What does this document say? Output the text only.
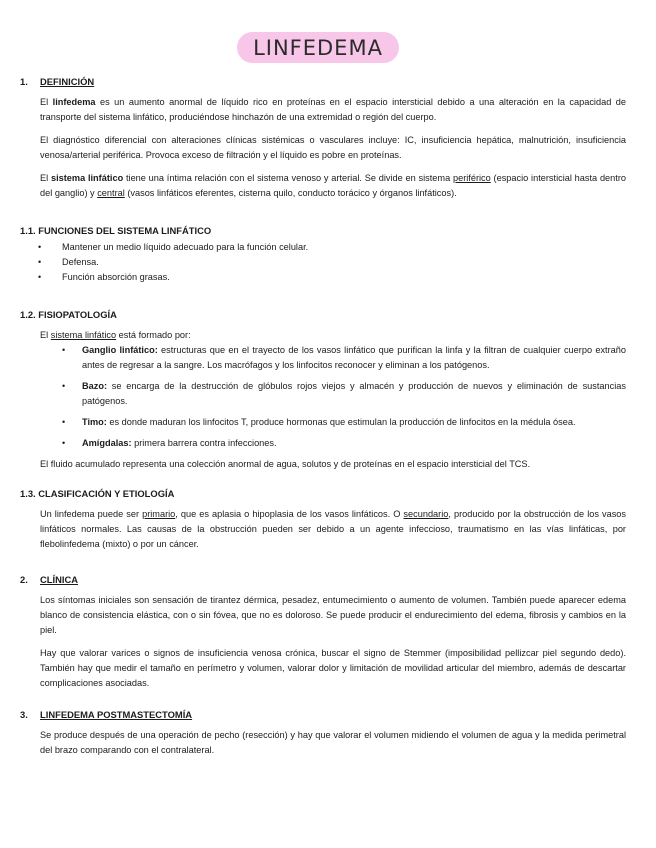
LINFEDEMA
1.	DEFINICIÓN

El linfedema es un aumento anormal de líquido rico en proteínas en el espacio intersticial debido a una alteración en la capacidad de transporte del sistema linfático, produciéndose hinchazón de una extremidad o región del cuerpo.

El diagnóstico diferencial con alteraciones clínicas sistémicas o vasculares incluye: IC, insuficiencia hepática, malnutrición, insuficiencia venosa/arterial periférica. Provoca exceso de filtración y el líquido es pobre en proteínas.

El sistema linfático tiene una íntima relación con el sistema venoso y arterial. Se divide en sistema periférico (espacio intersticial hasta dentro del ganglio) y central (vasos linfáticos eferentes, cisterna quilo, conducto torácico y órganos linfáticos).

1.1. FUNCIONES DEL SISTEMA LINFÁTICO
• Mantener un medio líquido adecuado para la función celular.
• Defensa.
• Función absorción grasas.
1.2. FISIOPATOLOGÍA

El sistema linfático está formado por:

• Ganglio linfático: estructuras que en el trayecto de los vasos linfático que purifican la linfa y la filtran de cualquier cuerpo extraño antes de regresar a la sangre. Los macrófagos y los linfocitos reconocer y eliminan a los patógenos.
• Bazo: se encarga de la destrucción de glóbulos rojos viejos y almacén y producción de nuevos y eliminación de sustancias patógenos.
• Timo: es donde maduran los linfocitos T, produce hormonas que estimulan la producción de linfocitos en la médula ósea.
• Amígdalas: primera barrera contra infecciones.

El fluido acumulado representa una colección anormal de agua, solutos y de proteínas en el espacio intersticial del TCS.

1.3. CLASIFICACIÓN Y ETIOLOGÍA

Un linfedema puede ser primario, que es aplasia o hipoplasia de los vasos linfáticos. O secundario, producido por la obstrucción de los vasos linfáticos normales. Las causas de la obstrucción pueden ser debido a un agente infeccioso, traumatismo en las vías linfáticas, por flebolinfedema (mixto) o por un cáncer.

2.	CLÍNICA

Los síntomas iniciales son sensación de tirantez dérmica, pesadez, entumecimiento o aumento de volumen. También puede aparecer edema blanco de consistencia elástica, con o sin fóvea, que no es doloroso. Se puede producir el endurecimiento del edema, fibrosis y cambios en la piel.

Hay que valorar varices o signos de insuficiencia venosa crónica, buscar el signo de Stemmer (imposibilidad pellizcar piel segundo dedo). También hay que medir el tamaño en perímetro y volumen, valorar dolor y limitación de movilidad articular del miembro, además de descartar complicaciones asociadas.

3.	LINFEDEMA POSTMASTECTOMÍA

Se produce después de una operación de pecho (resección) y hay que valorar el volumen midiendo el volumen de agua y la medida perimetral del brazo comparando con el contralateral.
